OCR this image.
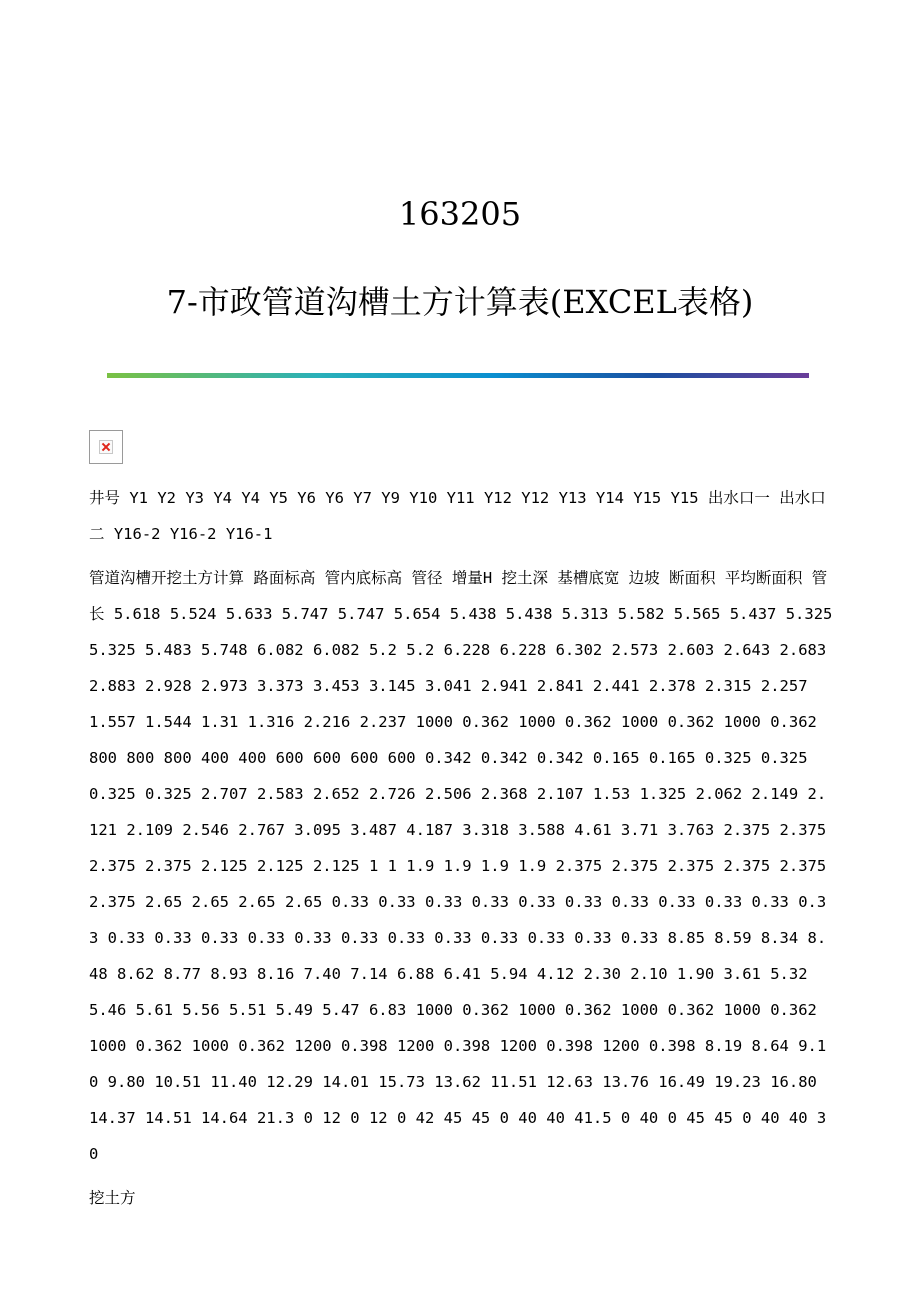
163205
7-市政管道沟槽土方计算表(EXCEL表格)

井号 Y1 Y2 Y3 Y4 Y4 Y5 Y6 Y6 Y7 Y9 Y10 Y11 Y12 Y12 Y13 Y14 Y15 Y15 出水口一 出水口二 Y16-2 Y16-2 Y16-1

管道沟槽开挖土方计算 路面标高 管内底标高 管径 增量H 挖土深 基槽底宽 边坡 断面积 平均断面积 管长 5.618 5.524 5.633 5.747 5.747 5.654 5.438 5.438 5.313 5.582 5.565 5.437 5.325 5.325 5.483 5.748 6.082 6.082 5.2 5.2 6.228 6.228 6.302 2.573 2.603 2.643 2.683 2.883 2.928 2.973 3.373 3.453 3.145 3.041 2.941 2.841 2.441 2.378 2.315 2.257 1.557 1.544 1.31 1.316 2.216 2.237 1000 0.362 1000 0.362 1000 0.362 1000 0.362 800 800 800 400 400 600 600 600 600 0.342 0.342 0.342 0.165 0.165 0.325 0.325 0.325 0.325 2.707 2.583 2.652 2.726 2.506 2.368 2.107 1.53 1.325 2.062 2.149 2.121 2.109 2.546 2.767 3.095 3.487 4.187 3.318 3.588 4.61 3.71 3.763 2.375 2.375 2.375 2.375 2.125 2.125 2.125 1 1 1.9 1.9 1.9 1.9 2.375 2.375 2.375 2.375 2.375 2.375 2.65 2.65 2.65 2.65 0.33 0.33 0.33 0.33 0.33 0.33 0.33 0.33 0.33 0.33 0.33 0.33 0.33 0.33 0.33 0.33 0.33 0.33 0.33 0.33 0.33 0.33 0.33 8.85 8.59 8.34 8.48 8.62 8.77 8.93 8.16 7.40 7.14 6.88 6.41 5.94 4.12 2.30 2.10 1.90 3.61 5.32 5.46 5.61 5.56 5.51 5.49 5.47 6.83 1000 0.362 1000 0.362 1000 0.362 1000 0.362 1000 0.362 1000 0.362 1200 0.398 1200 0.398 1200 0.398 1200 0.398 8.19 8.64 9.10 9.80 10.51 11.40 12.29 14.01 15.73 13.62 11.51 12.63 13.76 16.49 19.23 16.80 14.37 14.51 14.64 21.3 0 12 0 12 0 42 45 45 0 40 40 41.5 0 40 0 45 45 0 40 40 30

挖土方
